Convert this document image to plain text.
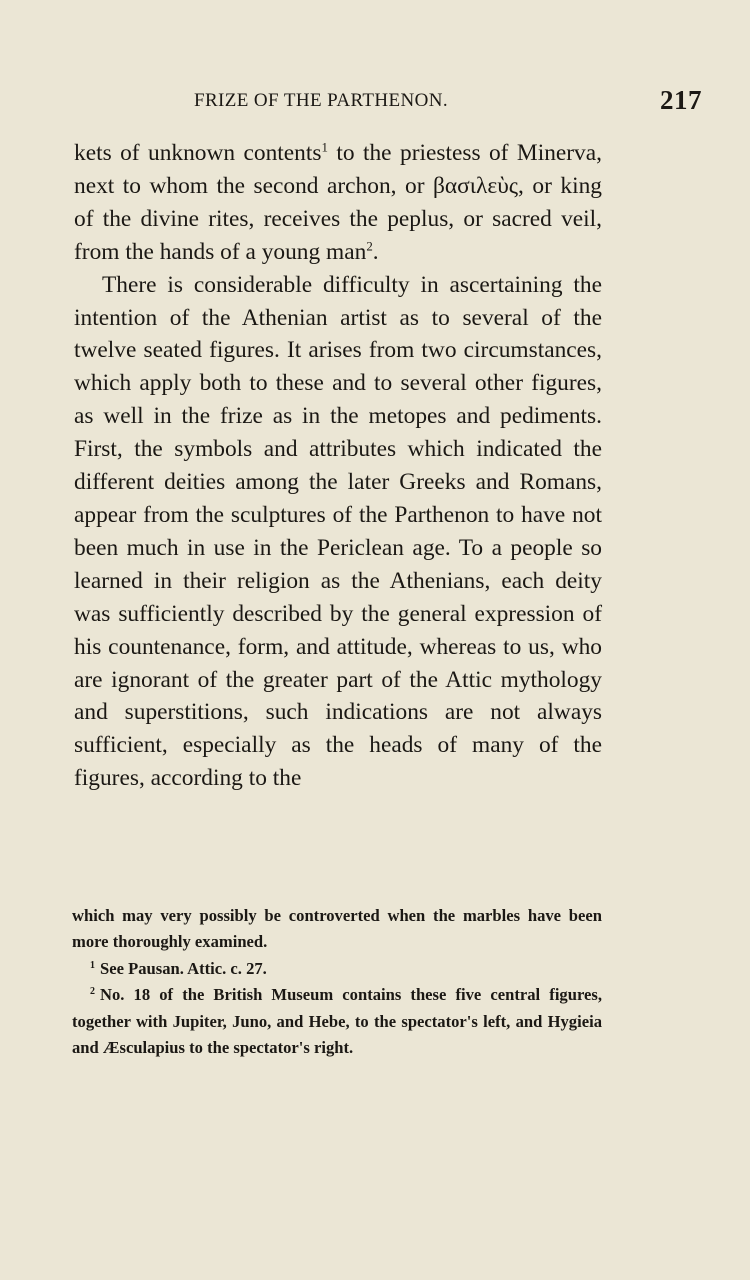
FRIZE OF THE PARTHENON.	217

kets of unknown contents$^1$ to the priestess of Minerva, next to whom the second archon, or βασιλεὺς, or king of the divine rites, receives the peplus, or sacred veil, from the hands of a young man$^2$.

There is considerable difficulty in ascertaining the intention of the Athenian artist as to several of the twelve seated figures. It arises from two circumstances, which apply both to these and to several other figures, as well in the frize as in the metopes and pediments. First, the symbols and attributes which indicated the different deities among the later Greeks and Romans, appear from the sculptures of the Parthenon to have not been much in use in the Periclean age. To a people so learned in their religion as the Athenians, each deity was sufficiently described by the general expression of his countenance, form, and attitude, whereas to us, who are ignorant of the greater part of the Attic mythology and superstitions, such indications are not always sufficient, especially as the heads of many of the figures, according to the

which may very possibly be controverted when the marbles have been more thoroughly examined.

$^1$ See Pausan. Attic. c. 27.

$^2$ No. 18 of the British Museum contains these five central figures, together with Jupiter, Juno, and Hebe, to the spectator's left, and Hygieia and Æsculapius to the spectator's right.
